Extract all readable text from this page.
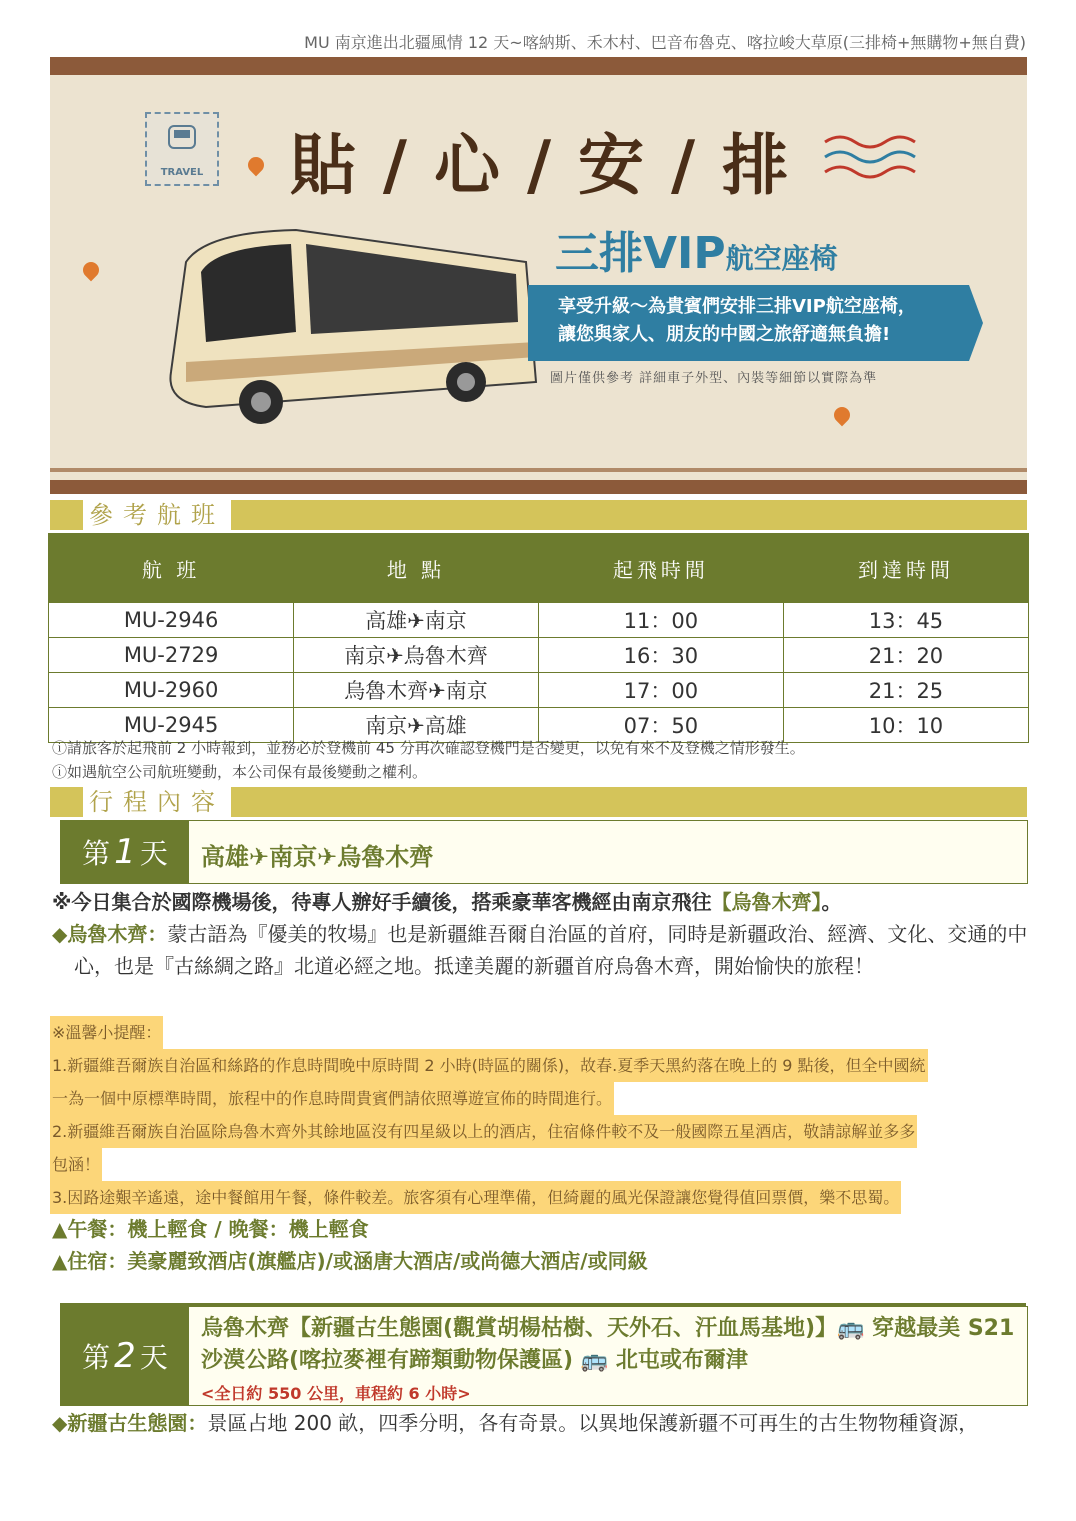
MU 南京進出北疆風情 12 天~喀納斯、禾木村、巴音布魯克、喀拉峻大草原(三排椅+無購物+無自費)
TRAVEL	貼 / 心 / 安 / 排
三排VIP航空座椅
享受升級～為貴賓們安排三排VIP航空座椅，
讓您與家人、朋友的中國之旅舒適無負擔!
圖片僅供參考 詳細車子外型、內裝等細節以實際為準
參考航班
航 班	地 點	起飛時間	到達時間
MU-2946	高雄✈南京	11：00	13：45
MU-2729	南京✈烏魯木齊	16：30	21：20
MU-2960	烏魯木齊✈南京	17：00	21：25
MU-2945	南京✈高雄	07：50	10：10
ⓘ請旅客於起飛前 2 小時報到，並務必於登機前 45 分再次確認登機門是否變更，以免有來不及登機之情形發生。
ⓘ如遇航空公司航班變動，本公司保有最後變動之權利。
行程內容
第 1 天 高雄✈南京✈烏魯木齊
※今日集合於國際機場後，待專人辦好手續後，搭乘豪華客機經由南京飛往【烏魯木齊】。
◆烏魯木齊：蒙古語為『優美的牧場』也是新疆維吾爾自治區的首府，同時是新疆政治、經濟、文化、交通的中心，也是『古絲綢之路』北道必經之地。抵達美麗的新疆首府烏魯木齊，開始愉快的旅程！
※溫馨小提醒：
1.新疆維吾爾族自治區和絲路的作息時間晚中原時間 2 小時(時區的關係)，故春.夏季天黑約落在晚上的 9 點後，但全中國統
一為一個中原標準時間，旅程中的作息時間貴賓們請依照導遊宣佈的時間進行。
2.新疆維吾爾族自治區除烏魯木齊外其餘地區沒有四星級以上的酒店，住宿條件較不及一般國際五星酒店，敬請諒解並多多
包涵！
3.因路途艱辛遙遠，途中餐館用午餐，條件較差。旅客須有心理準備，但綺麗的風光保證讓您覺得值回票價，樂不思蜀。
▲午餐：機上輕食 / 晚餐：機上輕食
▲住宿：美豪麗致酒店(旗艦店)/或涵唐大酒店/或尚德大酒店/或同級
第 2 天
烏魯木齊【新疆古生態園(觀賞胡楊枯樹、天外石、汗血馬基地)】🚌 穿越最美 S21
沙漠公路(喀拉麥裡有蹄類動物保護區) 🚌 北屯或布爾津
<全日約 550 公里，車程約 6 小時>
◆新疆古生態園：景區占地 200 畝，四季分明，各有奇景。以異地保護新疆不可再生的古生物物種資源，
